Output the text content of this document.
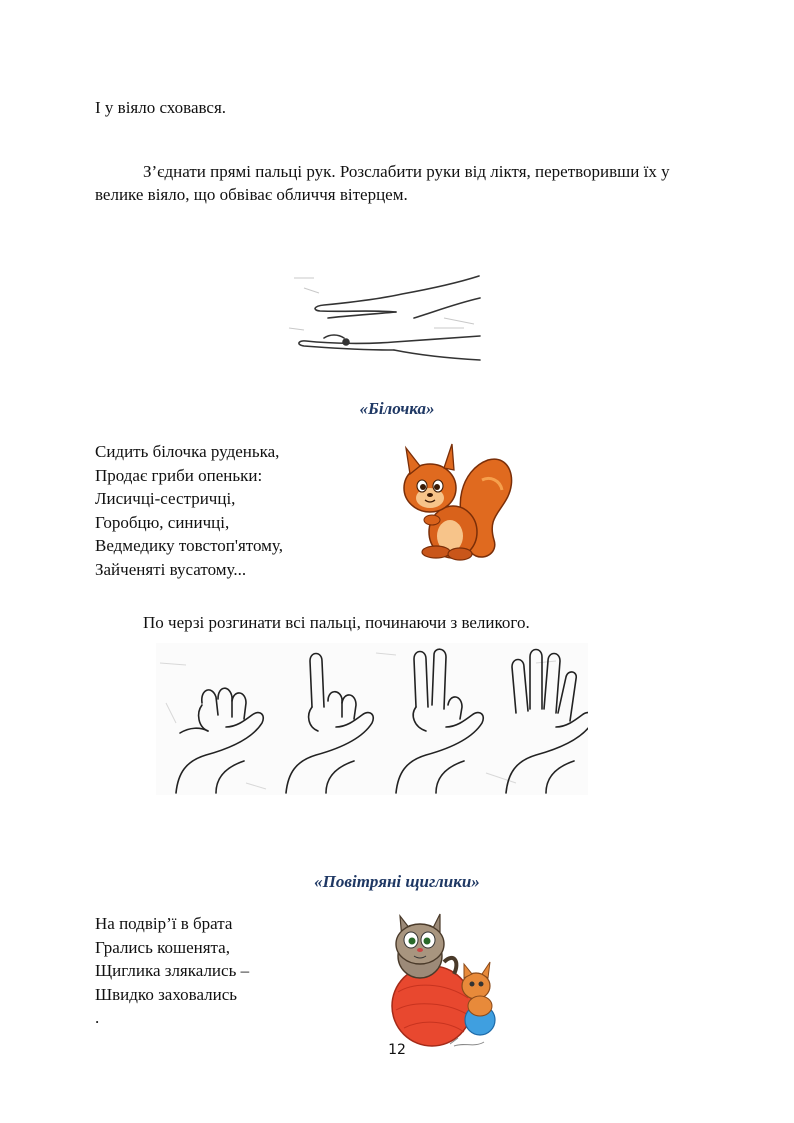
І у віяло сховався.
З’єднати прямі пальці рук. Розслабити руки від ліктя, перетворивши їх у велике віяло, що обвіває обличчя вітерцем.
«Білочка»
Сидить білочка руденька,
Продає гриби опеньки:
Лисичці-сестричці,
Горобцю, синичці,
Ведмедику товстоп'ятому,
Зайченяті вусатому...
По черзі розгинати всі пальці, починаючи з великого.
«Повітряні щиглики»
На подвір’ї в брата
Грались кошенята,
Щиглика злякались –
Швидко заховались
.
12
